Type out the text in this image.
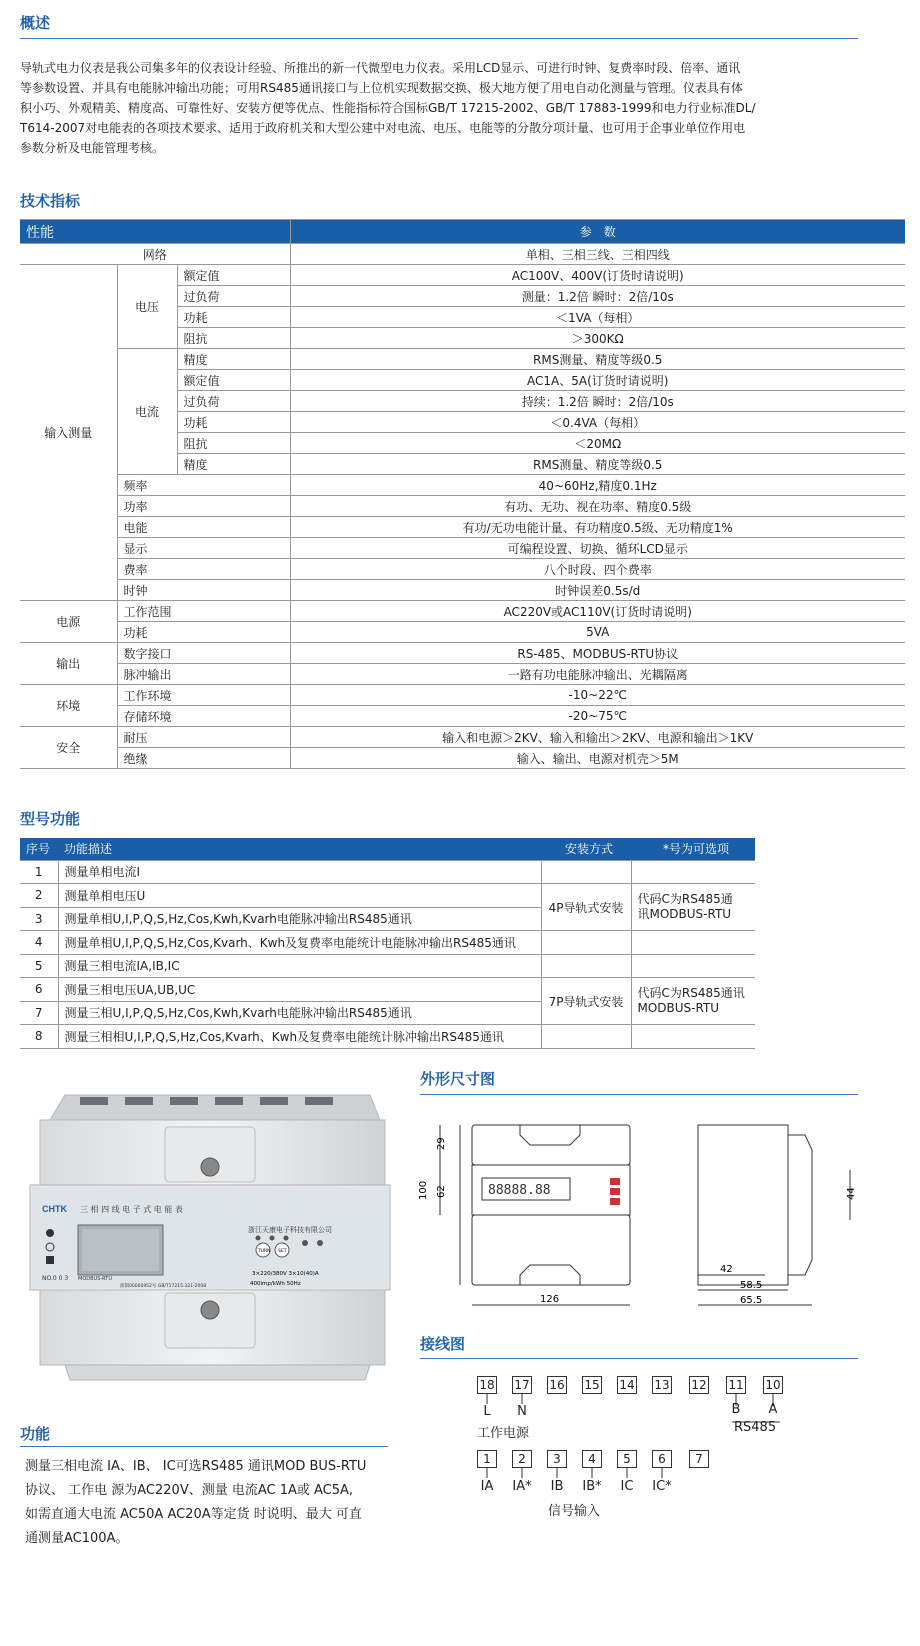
概述
导轨式电力仪表是我公司集多年的仪表设计经验、所推出的新一代微型电力仪表。采用LCD显示、可进行时钟、复费率时段、倍率、通讯
等参数设置、并具有电能脉冲输出功能；可用RS485通讯接口与上位机实现数据交换、极大地方便了用电自动化测量与管理。仪表具有体
积小巧、外观精美、精度高、可靠性好、安装方便等优点、性能指标符合国标GB/T 17215-2002、GB/T 17883-1999和电力行业标准DL/
T614-2007对电能表的各项技术要求、适用于政府机关和大型公建中对电流、电压、电能等的分散分项计量、也可用于企事业单位作用电
参数分析及电能管理考核。
技术指标
性能			参　数
网络			单相、三相三线、三相四线
输入测量	电压	额定值	AC100V、400V(订货时请说明)
		过负荷	测量：1.2倍 瞬时：2倍/10s
		功耗	＜1VA（每相）
		阻抗	＞300KΩ
	电流	精度	RMS测量、精度等级0.5
		额定值	AC1A、5A(订货时请说明)
		过负荷	持续：1.2倍 瞬时：2倍/10s
		功耗	＜0.4VA（每相）
		阻抗	＜20MΩ
		精度	RMS测量、精度等级0.5

	频率		40~60Hz,精度0.1Hz
	功率		有功、无功、视在功率、精度0.5级
	电能		有功/无功电能计量、有功精度0.5级、无功精度1%
	显示		可编程设置、切换、循环LCD显示
	费率		八个时段、四个费率
	时钟		时钟误差0.5s/d
电源	工作范围		AC220V或AC110V(订货时请说明)
	功耗		5VA
输出	数字接口		RS-485、MODBUS-RTU协议
	脉冲输出		一路有功电能脉冲输出、光耦隔离
环境	工作环境		-10~22℃
	存储环境		-20~75℃
安全	耐压		输入和电源＞2KV、输入和输出＞2KV、电源和输出＞1KV
	绝缘		输入、输出、电源对机壳＞5M
型号功能
序号	功能描述	安装方式	*号为可选项
1	测量单相电流I		
2	测量单相电压U	4P导轨式安装	代码C为RS485通
讯MODBUS-RTU

3	测量单相U,I,P,Q,S,Hz,Cos,Kwh,Kvarh电能脉冲输出RS485通讯		
4	测量单相U,I,P,Q,S,Hz,Cos,Kvarh、Kwh及复费率电能统计电能脉冲输出RS485通讯		
5	测量三相电流IA,IB,IC		
6	测量三相电压UA,UB,UC	7P导轨式安装	代码C为RS485通讯
MODBUS-RTU

7	测量三相U,I,P,Q,S,Hz,Cos,Kwh,Kvarh电能脉冲输出RS485通讯		
8	测量三相相U,I,P,Q,S,Hz,Cos,Kvarh、Kwh及复费率电能统计脉冲输出RS485通讯		
CHTK 三 相 四 线 电 子 式 电 能 表
浙江天康电子科技有限公司
NO.0 0 3 MODBUS-RTU
浙制00000952号 GB/T17215.321-2008
TURN SET
3×220/380V 3×10(40)A
400imp/kWh 50Hz
外形尺寸图
88888.88
29
100 62
126
44
42
58.5
65.5
接线图
18 17 16 15 14 13 12 11 10
L	N
工作电源
B	A
RS485
1	2	3	4	5	6	7
IA	IA*	IB	IB*	IC	IC*
信号输入
功能
测量三相电流 IA、IB、 IC可选RS485 通讯MOD BUS-RTU
协议、 工作电 源为AC220V、测量 电流AC 1A或 AC5A,
如需直通大电流 AC50A AC20A等定货 时说明、最大 可直
通测量AC100A。
